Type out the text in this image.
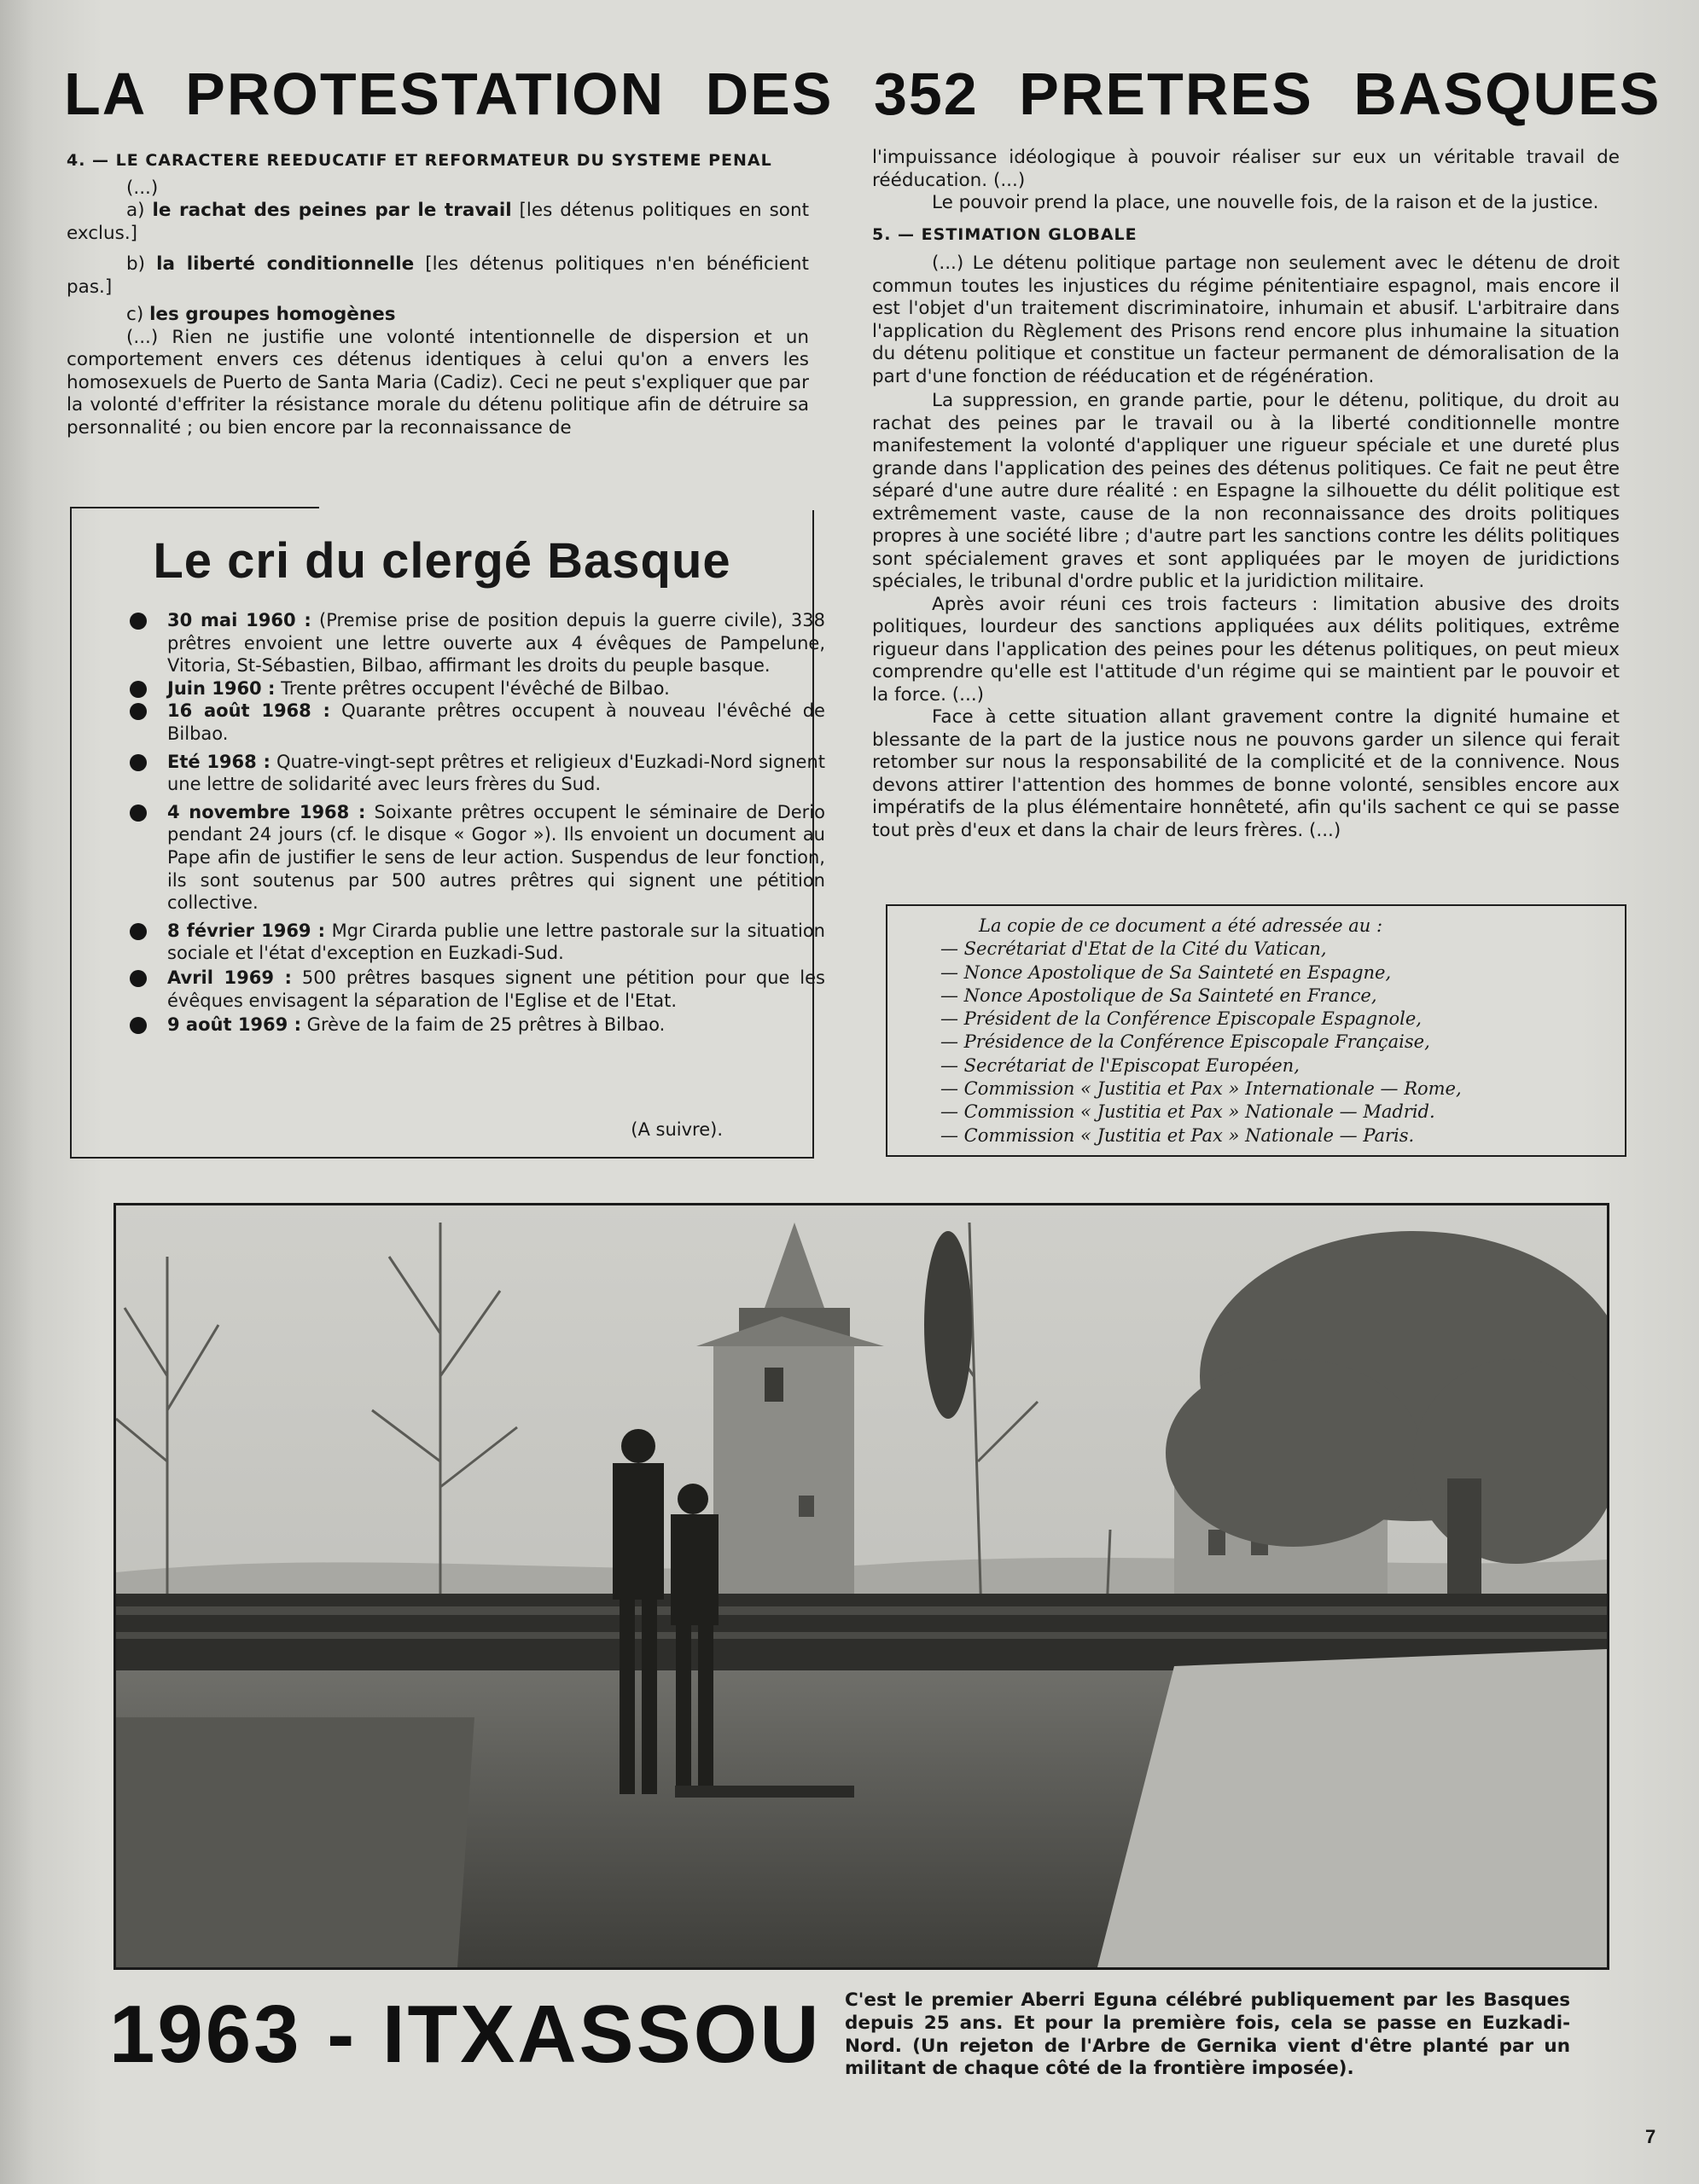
LA PROTESTATION DES 352 PRETRES BASQUES

4. — LE CARACTERE REEDUCATIF ET REFORMATEUR DU SYSTEME PENAL

(...)

a) le rachat des peines par le travail [les détenus politiques en sont exclus.]

b) la liberté conditionnelle [les détenus politiques n'en bénéficient pas.]

c) les groupes homogènes

(...) Rien ne justifie une volonté intentionnelle de dispersion et un comportement envers ces détenus identiques à celui qu'on a envers les homosexuels de Puerto de Santa Maria (Cadiz). Ceci ne peut s'expliquer que par la volonté d'effriter la résistance morale du détenu politique afin de détruire sa personnalité ; ou bien encore par la reconnaissance de

l'impuissance idéologique à pouvoir réaliser sur eux un véritable travail de rééducation. (...)

Le pouvoir prend la place, une nouvelle fois, de la raison et de la justice.

5. — ESTIMATION GLOBALE

(...) Le détenu politique partage non seulement avec le détenu de droit commun toutes les injustices du régime pénitentiaire espagnol, mais encore il est l'objet d'un traitement discriminatoire, inhumain et abusif. L'arbitraire dans l'application du Règlement des Prisons rend encore plus inhumaine la situation du détenu politique et constitue un facteur permanent de démoralisation de la part d'une fonction de rééducation et de régénération.

La suppression, en grande partie, pour le détenu, politique, du droit au rachat des peines par le travail ou à la liberté conditionnelle montre manifestement la volonté d'appliquer une rigueur spéciale et une dureté plus grande dans l'application des peines des détenus politiques. Ce fait ne peut être séparé d'une autre dure réalité : en Espagne la silhouette du délit politique est extrêmement vaste, cause de la non reconnaissance des droits politiques propres à une société libre ; d'autre part les sanctions contre les délits politiques sont spécialement graves et sont appliquées par le moyen de juridictions spéciales, le tribunal d'ordre public et la juridiction militaire.

Après avoir réuni ces trois facteurs : limitation abusive des droits politiques, lourdeur des sanctions appliquées aux délits politiques, extrême rigueur dans l'application des peines pour les détenus politiques, on peut mieux comprendre qu'elle est l'attitude d'un régime qui se maintient par le pouvoir et la force. (...)

Face à cette situation allant gravement contre la dignité humaine et blessante de la part de la justice nous ne pouvons garder un silence qui ferait retomber sur nous la responsabilité de la complicité et de la connivence. Nous devons attirer l'attention des hommes de bonne volonté, sensibles encore aux impératifs de la plus élémentaire honnêteté, afin qu'ils sachent ce qui se passe tout près d'eux et dans la chair de leurs frères. (...)

Le cri du clergé Basque

30 mai 1960 : (Premise prise de position depuis la guerre civile), 338 prêtres envoient une lettre ouverte aux 4 évêques de Pampelune, Vitoria, St-Sébastien, Bilbao, affirmant les droits du peuple basque.

Juin 1960 : Trente prêtres occupent l'évêché de Bilbao.

16 août 1968 : Quarante prêtres occupent à nouveau l'évêché de Bilbao.

Eté 1968 : Quatre-vingt-sept prêtres et religieux d'Euzkadi-Nord signent une lettre de solidarité avec leurs frères du Sud.

4 novembre 1968 : Soixante prêtres occupent le séminaire de Derio pendant 24 jours (cf. le disque « Gogor »). Ils envoient un document au Pape afin de justifier le sens de leur action. Suspendus de leur fonction, ils sont soutenus par 500 autres prêtres qui signent une pétition collective.

8 février 1969 : Mgr Cirarda publie une lettre pastorale sur la situation sociale et l'état d'exception en Euzkadi-Sud.

Avril 1969 : 500 prêtres basques signent une pétition pour que les évêques envisagent la séparation de l'Eglise et de l'Etat.

9 août 1969 : Grève de la faim de 25 prêtres à Bilbao.

(A suivre).

La copie de ce document a été adressée au :

— Secrétariat d'Etat de la Cité du Vatican,

— Nonce Apostolique de Sa Sainteté en Espagne,

— Nonce Apostolique de Sa Sainteté en France,

— Président de la Conférence Episcopale Espagnole,

— Présidence de la Conférence Episcopale Française,

— Secrétariat de l'Episcopat Européen,

— Commission « Justitia et Pax » Internationale — Rome,

— Commission « Justitia et Pax » Nationale — Madrid.

— Commission « Justitia et Pax » Nationale — Paris.

1963 - ITXASSOU C'est le premier Aberri Eguna célébré publiquement par les Basques depuis 25 ans. Et pour la première fois, cela se passe en Euzkadi-Nord. (Un rejeton de l'Arbre de Gernika vient d'être planté par un militant de chaque côté de la frontière imposée).
7
